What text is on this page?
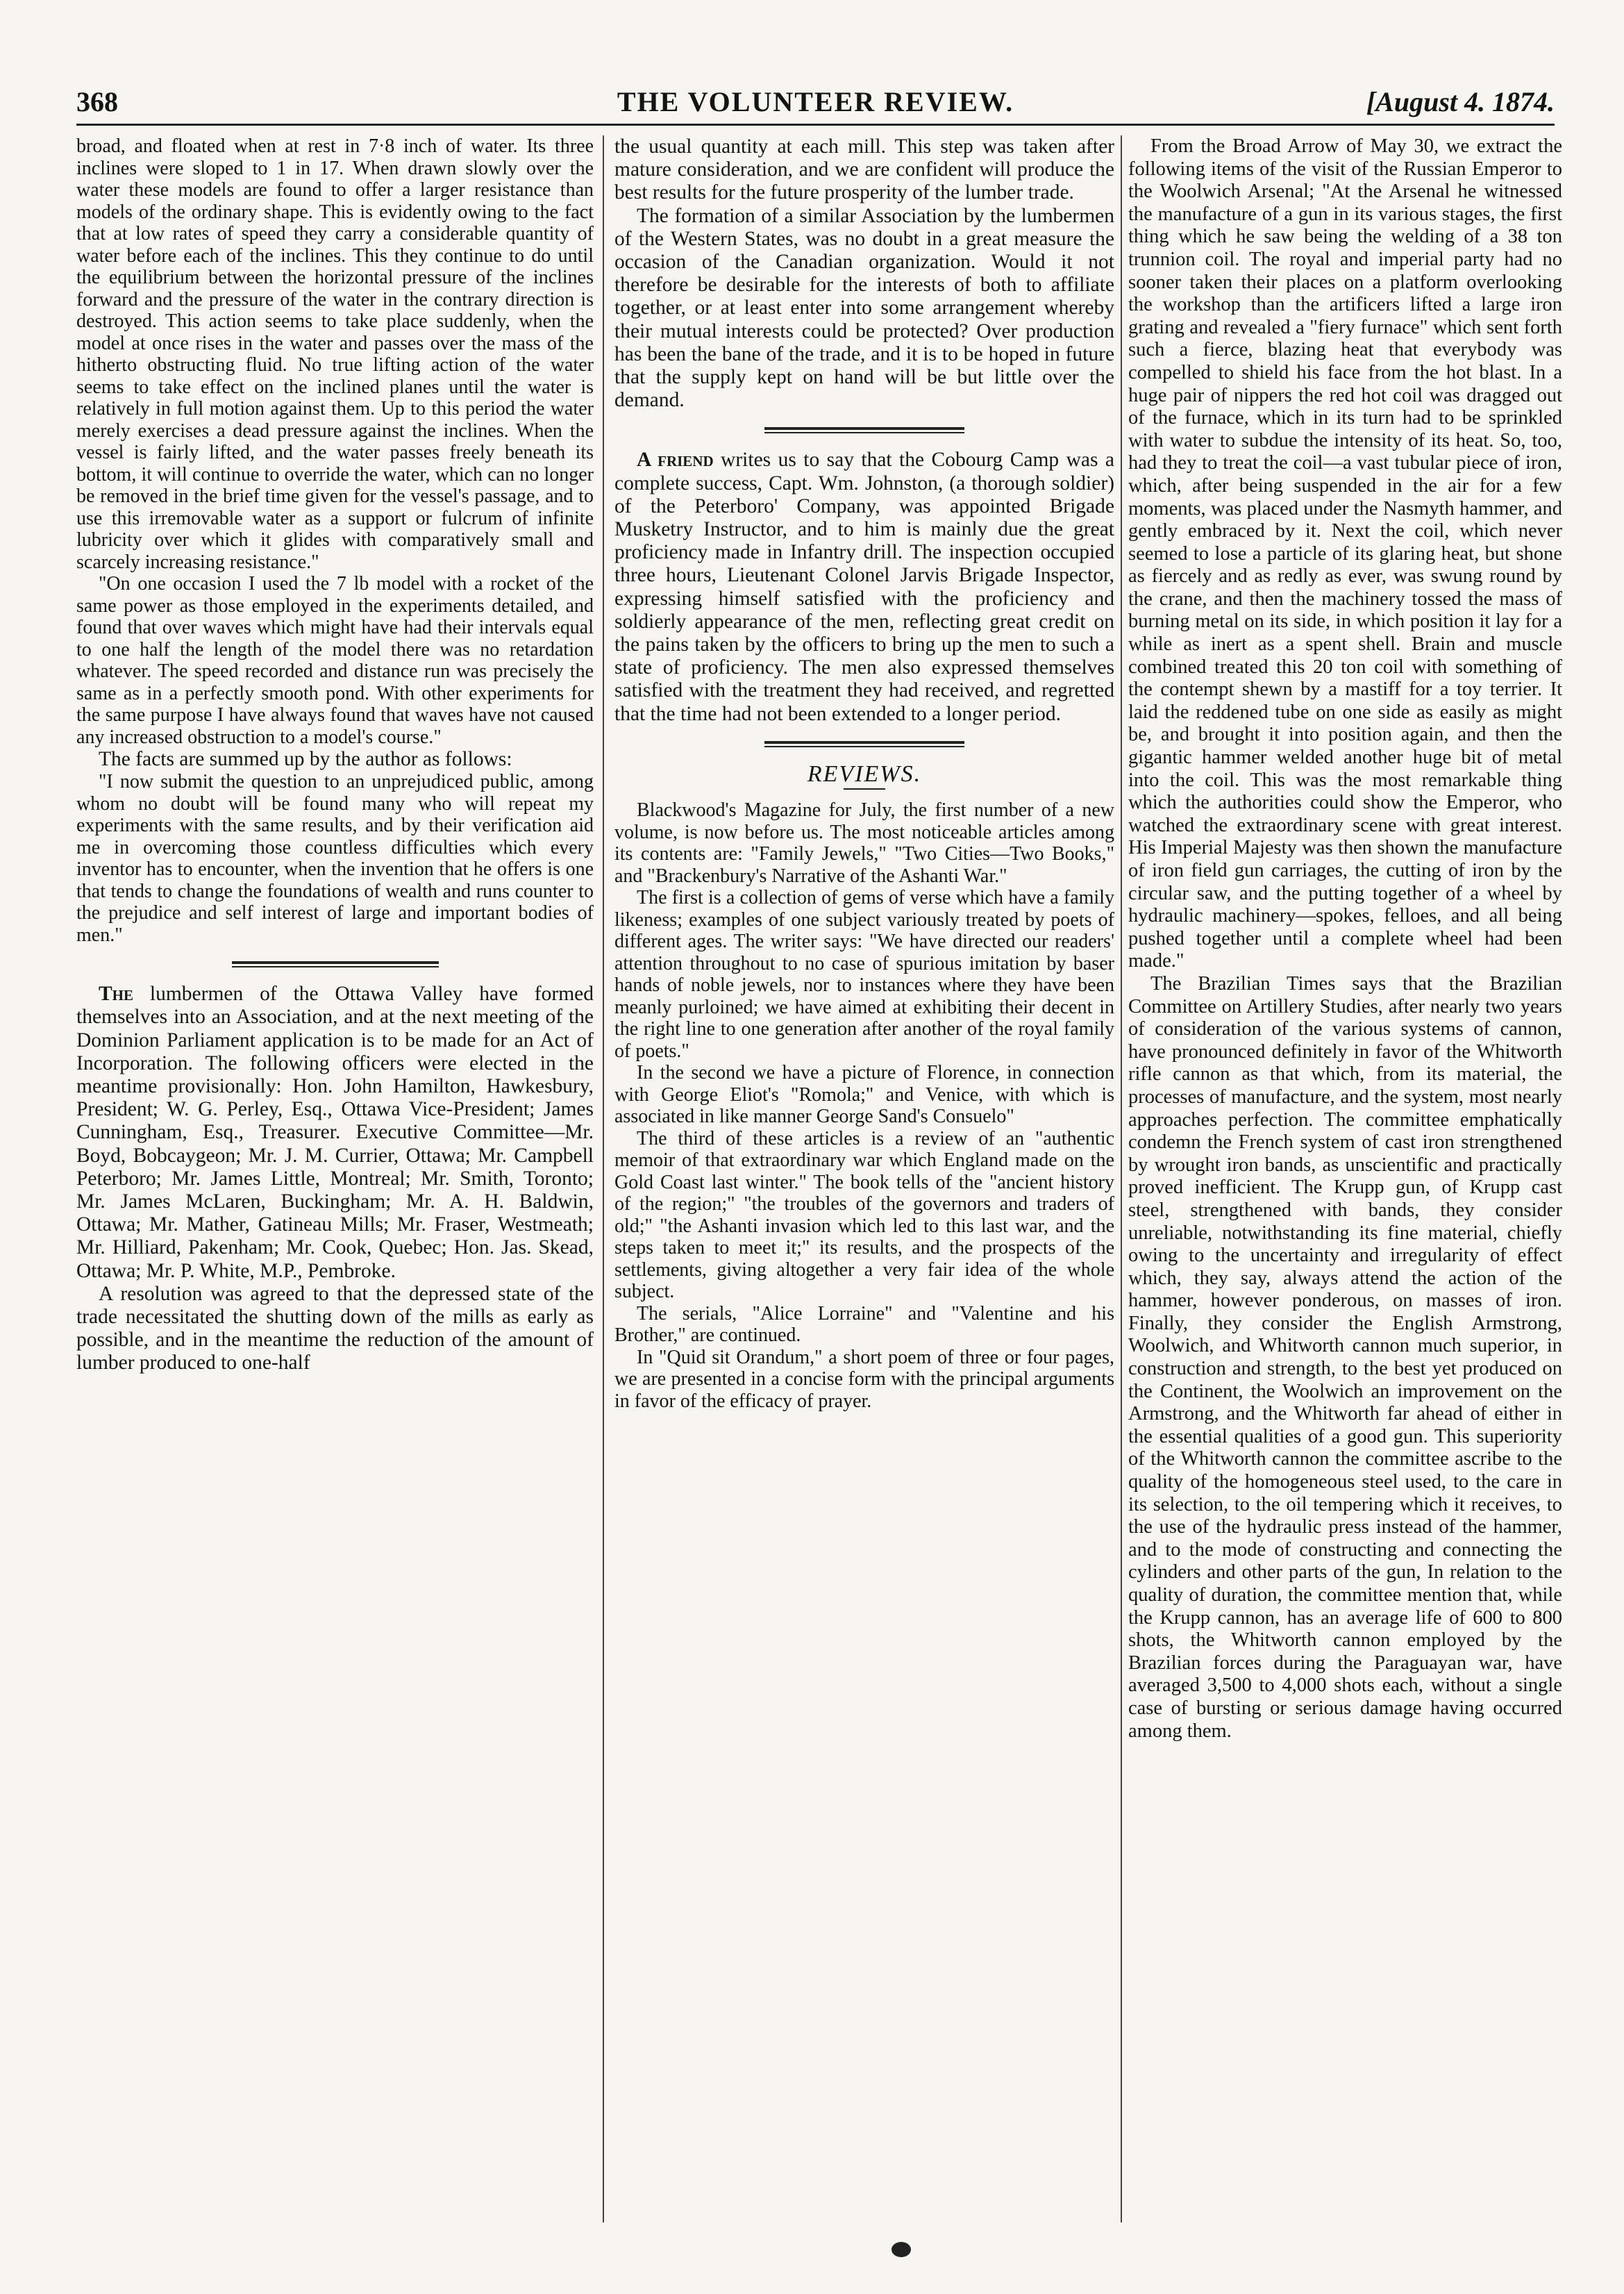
368	THE VOLUNTEER REVIEW.	[August 4. 1874.

broad, and floated when at rest in 7·8 inch of water. Its three inclines were sloped to 1 in 17. When drawn slowly over the water these models are found to offer a larger resistance than models of the ordinary shape. This is evidently owing to the fact that at low rates of speed they carry a considerable quantity of water before each of the inclines. This they continue to do until the equilibrium between the horizontal pressure of the inclines forward and the pressure of the water in the contrary direction is destroyed. This action seems to take place suddenly, when the model at once rises in the water and passes over the mass of the hitherto obstructing fluid. No true lifting action of the water seems to take effect on the inclined planes until the water is relatively in full motion against them. Up to this period the water merely exercises a dead pressure against the inclines. When the vessel is fairly lifted, and the water passes freely beneath its bottom, it will continue to override the water, which can no longer be removed in the brief time given for the vessel's passage, and to use this irremovable water as a support or fulcrum of infinite lubricity over which it glides with comparatively small and scarcely increasing resistance."

"On one occasion I used the 7 lb model with a rocket of the same power as those employed in the experiments detailed, and found that over waves which might have had their intervals equal to one half the length of the model there was no retardation whatever. The speed recorded and distance run was precisely the same as in a perfectly smooth pond. With other experiments for the same purpose I have always found that waves have not caused any increased obstruction to a model's course."

The facts are summed up by the author as follows:

"I now submit the question to an unprejudiced public, among whom no doubt will be found many who will repeat my experiments with the same results, and by their verification aid me in overcoming those countless difficulties which every inventor has to encounter, when the invention that he offers is one that tends to change the foundations of wealth and runs counter to the prejudice and self interest of large and important bodies of men."

The lumbermen of the Ottawa Valley have formed themselves into an Association, and at the next meeting of the Dominion Parliament application is to be made for an Act of Incorporation. The following officers were elected in the meantime provisionally: Hon. John Hamilton, Hawkesbury, President; W. G. Perley, Esq., Ottawa Vice-President; James Cunningham, Esq., Treasurer. Executive Committee—Mr. Boyd, Bobcaygeon; Mr. J. M. Currier, Ottawa; Mr. Campbell Peterboro; Mr. James Little, Montreal; Mr. Smith, Toronto; Mr. James McLaren, Buckingham; Mr. A. H. Baldwin, Ottawa; Mr. Mather, Gatineau Mills; Mr. Fraser, Westmeath; Mr. Hilliard, Pakenham; Mr. Cook, Quebec; Hon. Jas. Skead, Ottawa; Mr. P. White, M.P., Pembroke.

A resolution was agreed to that the depressed state of the trade necessitated the shutting down of the mills as early as possible, and in the meantime the reduction of the amount of lumber produced to one-half

the usual quantity at each mill. This step was taken after mature consideration, and we are confident will produce the best results for the future prosperity of the lumber trade.

The formation of a similar Association by the lumbermen of the Western States, was no doubt in a great measure the occasion of the Canadian organization. Would it not therefore be desirable for the interests of both to affiliate together, or at least enter into some arrangement whereby their mutual interests could be protected? Over production has been the bane of the trade, and it is to be hoped in future that the supply kept on hand will be but little over the demand.

A friend writes us to say that the Cobourg Camp was a complete success, Capt. Wm. Johnston, (a thorough soldier) of the Peterboro' Company, was appointed Brigade Musketry Instructor, and to him is mainly due the great proficiency made in Infantry drill. The inspection occupied three hours, Lieutenant Colonel Jarvis Brigade Inspector, expressing himself satisfied with the proficiency and soldierly appearance of the men, reflecting great credit on the pains taken by the officers to bring up the men to such a state of proficiency. The men also expressed themselves satisfied with the treatment they had received, and regretted that the time had not been extended to a longer period.

REVIEWS.

Blackwood's Magazine for July, the first number of a new volume, is now before us. The most noticeable articles among its contents are: "Family Jewels," "Two Cities—Two Books," and "Brackenbury's Narrative of the Ashanti War."

The first is a collection of gems of verse which have a family likeness; examples of one subject variously treated by poets of different ages. The writer says: "We have directed our readers' attention throughout to no case of spurious imitation by baser hands of noble jewels, nor to instances where they have been meanly purloined; we have aimed at exhibiting their decent in the right line to one generation after another of the royal family of poets."

In the second we have a picture of Florence, in connection with George Eliot's "Romola;" and Venice, with which is associated in like manner George Sand's Consuelo"

The third of these articles is a review of an "authentic memoir of that extraordinary war which England made on the Gold Coast last winter." The book tells of the "ancient history of the region;" "the troubles of the governors and traders of old;" "the Ashanti invasion which led to this last war, and the steps taken to meet it;" its results, and the prospects of the settlements, giving altogether a very fair idea of the whole subject.

The serials, "Alice Lorraine" and "Valentine and his Brother," are continued.

In "Quid sit Orandum," a short poem of three or four pages, we are presented in a concise form with the principal arguments in favor of the efficacy of prayer.

From the Broad Arrow of May 30, we extract the following items of the visit of the Russian Emperor to the Woolwich Arsenal; "At the Arsenal he witnessed the manufacture of a gun in its various stages, the first thing which he saw being the welding of a 38 ton trunnion coil. The royal and imperial party had no sooner taken their places on a platform overlooking the workshop than the artificers lifted a large iron grating and revealed a "fiery furnace" which sent forth such a fierce, blazing heat that everybody was compelled to shield his face from the hot blast. In a huge pair of nippers the red hot coil was dragged out of the furnace, which in its turn had to be sprinkled with water to subdue the intensity of its heat. So, too, had they to treat the coil—a vast tubular piece of iron, which, after being suspended in the air for a few moments, was placed under the Nasmyth hammer, and gently embraced by it. Next the coil, which never seemed to lose a particle of its glaring heat, but shone as fiercely and as redly as ever, was swung round by the crane, and then the machinery tossed the mass of burning metal on its side, in which position it lay for a while as inert as a spent shell. Brain and muscle combined treated this 20 ton coil with something of the contempt shewn by a mastiff for a toy terrier. It laid the reddened tube on one side as easily as might be, and brought it into position again, and then the gigantic hammer welded another huge bit of metal into the coil. This was the most remarkable thing which the authorities could show the Emperor, who watched the extraordinary scene with great interest. His Imperial Majesty was then shown the manufacture of iron field gun carriages, the cutting of iron by the circular saw, and the putting together of a wheel by hydraulic machinery—spokes, felloes, and all being pushed together until a complete wheel had been made."

The Brazilian Times says that the Brazilian Committee on Artillery Studies, after nearly two years of consideration of the various systems of cannon, have pronounced definitely in favor of the Whitworth rifle cannon as that which, from its material, the processes of manufacture, and the system, most nearly approaches perfection. The committee emphatically condemn the French system of cast iron strengthened by wrought iron bands, as unscientific and practically proved inefficient. The Krupp gun, of Krupp cast steel, strengthened with bands, they consider unreliable, notwithstanding its fine material, chiefly owing to the uncertainty and irregularity of effect which, they say, always attend the action of the hammer, however ponderous, on masses of iron. Finally, they consider the English Armstrong, Woolwich, and Whitworth cannon much superior, in construction and strength, to the best yet produced on the Continent, the Woolwich an improvement on the Armstrong, and the Whitworth far ahead of either in the essential qualities of a good gun. This superiority of the Whitworth cannon the committee ascribe to the quality of the homogeneous steel used, to the care in its selection, to the oil tempering which it receives, to the use of the hydraulic press instead of the hammer, and to the mode of constructing and connecting the cylinders and other parts of the gun, In relation to the quality of duration, the committee mention that, while the Krupp cannon, has an average life of 600 to 800 shots, the Whitworth cannon employed by the Brazilian forces during the Paraguayan war, have averaged 3,500 to 4,000 shots each, without a single case of bursting or serious damage having occurred among them.
